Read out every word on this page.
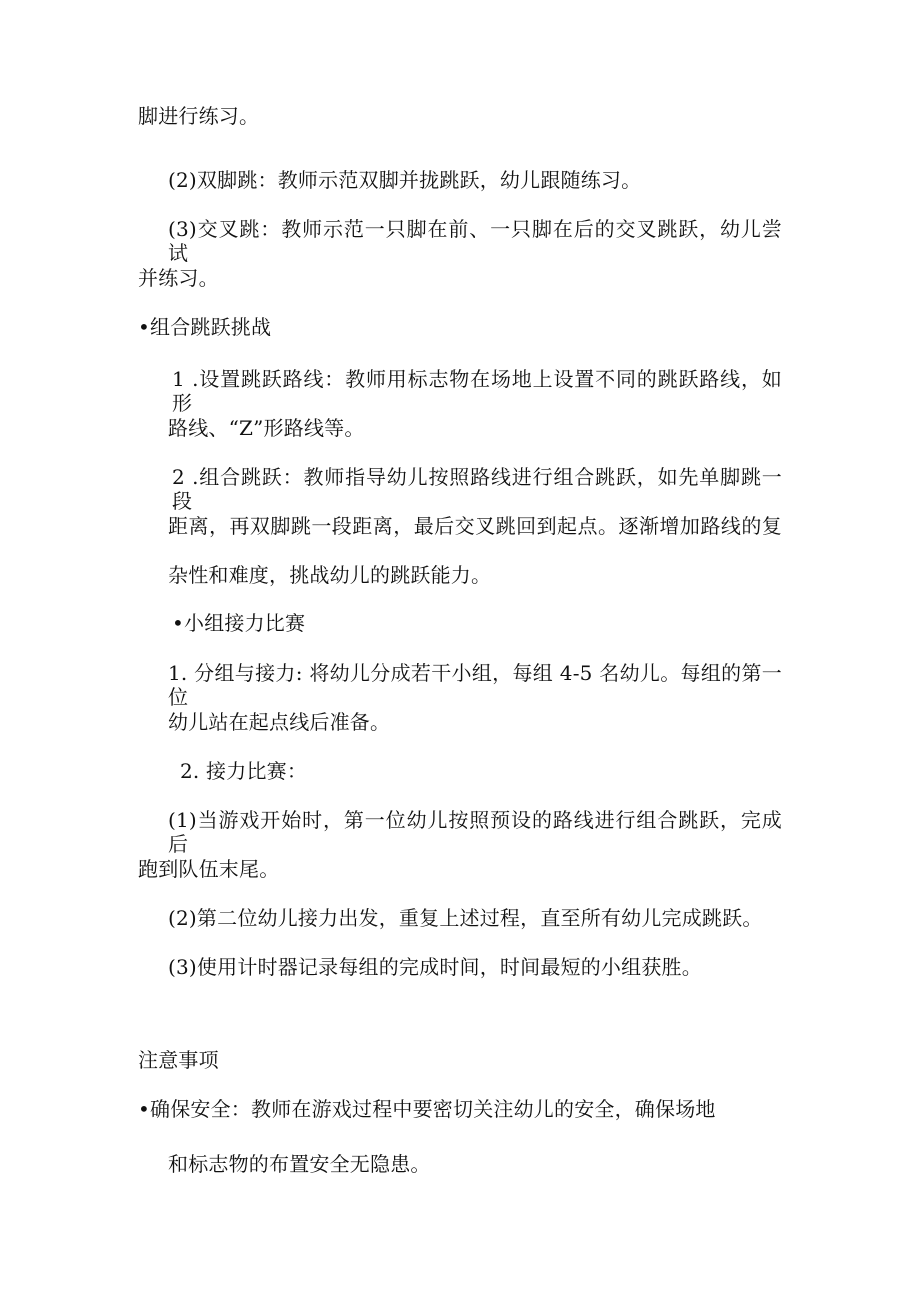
脚进行练习。
(2)双脚跳：教师示范双脚并拢跳跃，幼儿跟随练习。
(3)交叉跳：教师示范一只脚在前、一只脚在后的交叉跳跃，幼儿尝试
并练习。
•组合跳跃挑战
1 .设置跳跃路线：教师用标志物在场地上设置不同的跳跃路线，如形
路线、“Z”形路线等。
2 .组合跳跃：教师指导幼儿按照路线进行组合跳跃，如先单脚跳一段
距离，再双脚跳一段距离，最后交叉跳回到起点。逐渐增加路线的复
杂性和难度，挑战幼儿的跳跃能力。
•小组接力比赛
1. 分组与接力: 将幼儿分成若干小组，每组 4-5 名幼儿。每组的第一位
幼儿站在起点线后准备。
2. 接力比赛：
(1)当游戏开始时，第一位幼儿按照预设的路线进行组合跳跃，完成后
跑到队伍末尾。
(2)第二位幼儿接力出发，重复上述过程，直至所有幼儿完成跳跃。
(3)使用计时器记录每组的完成时间，时间最短的小组获胜。
注意事项
•确保安全：教师在游戏过程中要密切关注幼儿的安全，确保场地
和标志物的布置安全无隐患。
